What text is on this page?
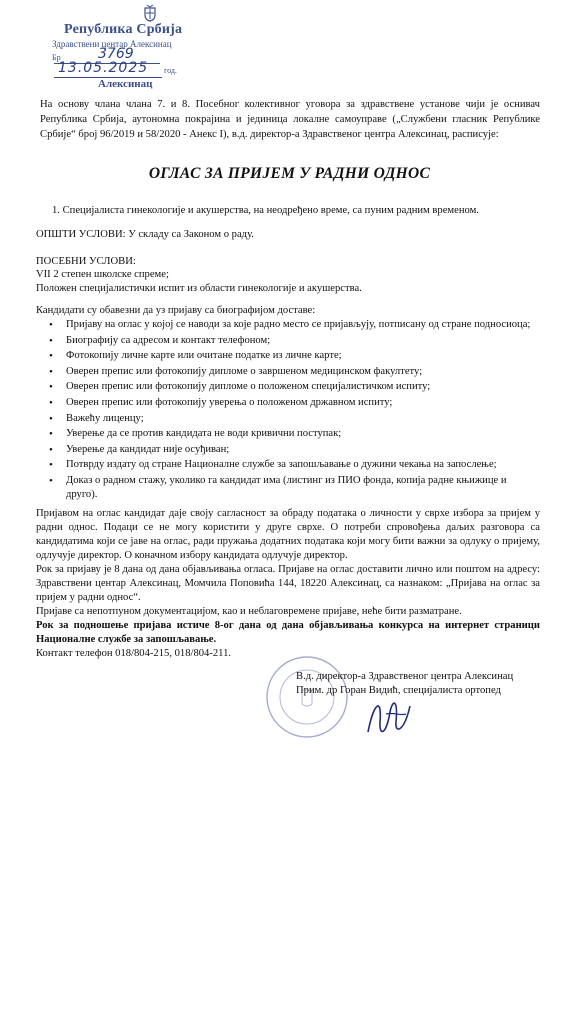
Република Србија
Здравствени центар Алексинац
Бр	3769
13.05.2025 год.
Алексинац
На основу члана члана 7. и 8. Посебног колективног уговора за здравствене установе чији је оснивач Република Србија, аутономна покрајина и јединица локалне самоуправе („Службени гласник Републике Србије“ број 96/2019 и 58/2020 - Анекс I), в.д. директор-а Здравственог центра Алексинац, расписује:
ОГЛАС ЗА ПРИЈЕМ У РАДНИ ОДНОС
1. Специјалиста гинекологије и акушерства, на неодређено време, са пуним радним временом.
ОПШТИ УСЛОВИ: У складу са Законом о раду.
ПОСЕБНИ УСЛОВИ:
VII 2 степен школске спреме;
Положен специјалистички испит из области гинекологије и акушерства.
Кандидати су обавезни да уз пријаву са биографијом доставе:
• Пријаву на оглас у којој се наводи за које радно место се пријављују, потписану од стране подносиоца;
• Биографију са адресом и контакт телефоном;
• Фотокопију личне карте или очитане податке из личне карте;
• Оверен препис или фотокопију дипломе о завршеном медицинском факултету;
• Оверен препис или фотокопију дипломе о положеном специјалистичком испиту;
• Оверен препис или фотокопију уверења о положеном државном испиту;
• Важећу лиценцу;
• Уверење да се против кандидата не води кривични поступак;
• Уверење да кандидат није осуђиван;
• Потврду издату од стране Националне службе за запошљавање о дужини чекања на запослење;
• Доказ о радном стажу, уколико га кандидат има (листинг из ПИО фонда, копија радне књижице и друго).

Пријавом на оглас кандидат даје своју сагласност за обраду података о личности у сврхе избора за пријем у радни однос. Подаци се не могу користити у друге сврхе. О потреби спровођења даљих разговора са кандидатима који се јаве на оглас, ради пружања додатних података који могу бити важни за одлуку о пријему, одлучује директор. О коначном избору кандидата одлучује директор.

Рок за пријаву је 8 дана од дана објављивања огласа. Пријаве на оглас доставити лично или поштом на адресу: Здравствени центар Алексинац, Момчила Поповића 144, 18220 Алексинац, са назнаком: „Пријава на оглас за пријем у радни однос“.

Пријаве са непотпуном документацијом, као и неблаговремене пријаве, неће бити разматране.

Рок за подношење пријава истиче 8-ог дана од дана објављивања конкурса на интернет страници Националне службе за запошљавање.

Контакт телефон 018/804-215, 018/804-211.

В.д. директор-а Здравственог центра Алексинац
Прим. др Горан Видић, специјалиста ортопед
